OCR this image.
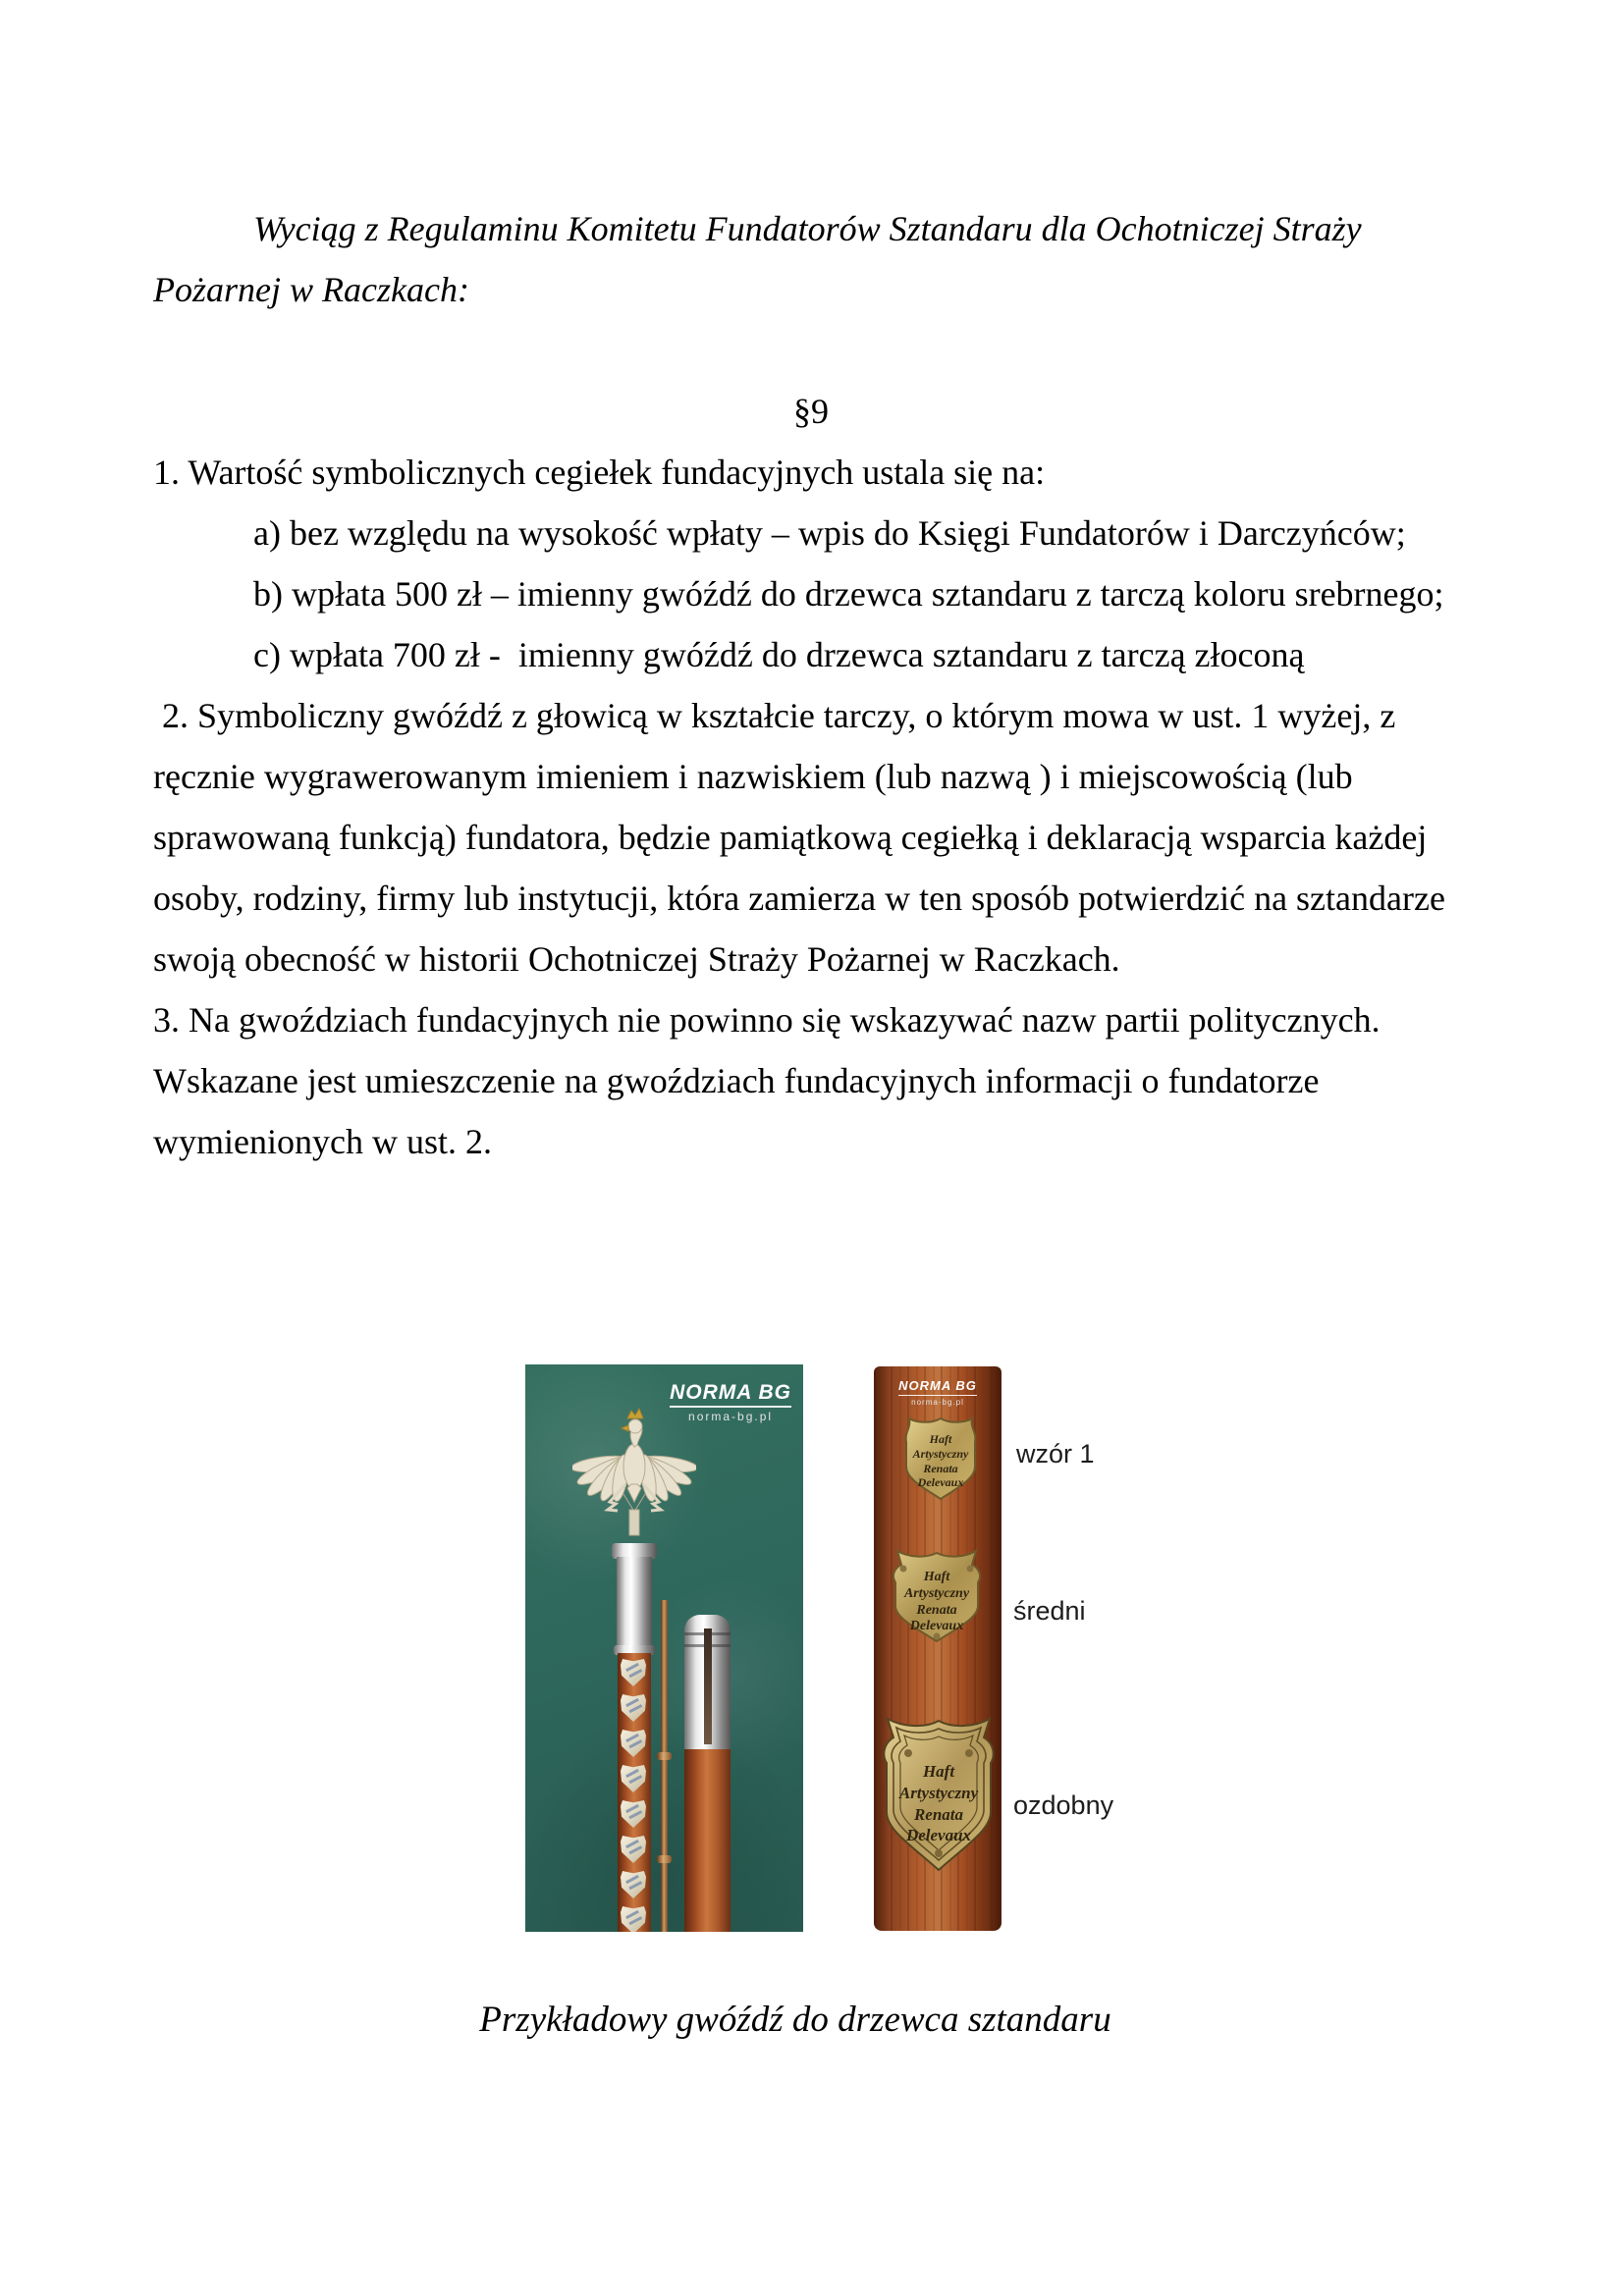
Wyciąg z Regulaminu Komitetu Fundatorów Sztandaru dla Ochotniczej Straży
Pożarnej w Raczkach:
§9
1. Wartość symbolicznych cegiełek fundacyjnych ustala się na:
a) bez względu na wysokość wpłaty – wpis do Księgi Fundatorów i Darczyńców;
b) wpłata 500 zł – imienny gwóźdź do drzewca sztandaru z tarczą koloru srebrnego;
c) wpłata 700 zł -  imienny gwóźdź do drzewca sztandaru z tarczą złoconą
2. Symboliczny gwóźdź z głowicą w kształcie tarczy, o którym mowa w ust. 1 wyżej, z
ręcznie wygrawerowanym imieniem i nazwiskiem (lub nazwą ) i miejscowością (lub
sprawowaną funkcją) fundatora, będzie pamiątkową cegiełką i deklaracją wsparcia każdej
osoby, rodziny, firmy lub instytucji, która zamierza w ten sposób potwierdzić na sztandarze
swoją obecność w historii Ochotniczej Straży Pożarnej w Raczkach.
3. Na gwoździach fundacyjnych nie powinno się wskazywać nazw partii politycznych.
Wskazane jest umieszczenie na gwoździach fundacyjnych informacji o fundatorze
wymienionych w ust. 2.
NORMA BG
norma-bg.pl
NORMA BG
norma-bg.pl
Haft
Artystyczny
Renata
Delevaux
Haft
Artystyczny
Renata
Delevaux
Haft
Artystyczny
Renata
Delevaux
wzór 1
średni
ozdobny
Przykładowy gwóźdź do drzewca sztandaru
